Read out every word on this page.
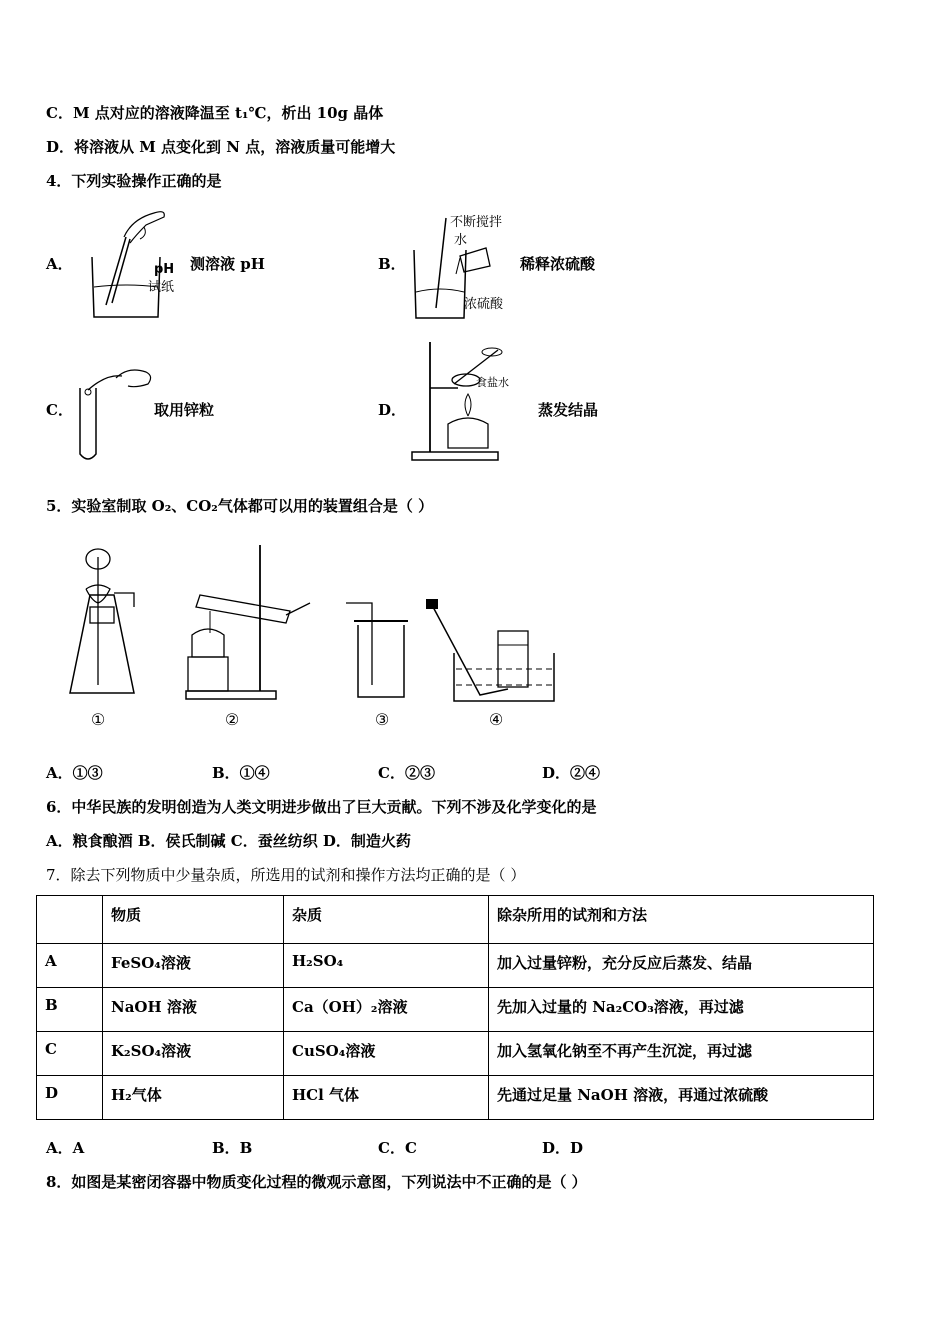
C．M 点对应的溶液降温至 t₁℃，析出 10g 晶体
D．将溶液从 M 点变化到 N 点，溶液质量可能增大
4．下列实验操作正确的是
A．	pH
试纸
测溶液 pH	B．
不断搅拌
水
浓硫酸
稀释浓硫酸
C．	取用锌粒	D．
食盐水
蒸发结晶
5．实验室制取 O₂、CO₂气体都可以用的装置组合是（ ）
①	②	③	④
A．①③	B．①④	C．②③	D．②④
6．中华民族的发明创造为人类文明进步做出了巨大贡献。下列不涉及化学变化的是
A．粮食酿酒 B．侯氏制碱 C．蚕丝纺织 D．制造火药
7．除去下列物质中少量杂质，所选用的试剂和操作方法均正确的是（ ）
	物质	杂质	除杂所用的试剂和方法
A	FeSO₄溶液	H₂SO₄	加入过量锌粉，充分反应后蒸发、结晶
B	NaOH 溶液	Ca（OH）₂溶液	先加入过量的 Na₂CO₃溶液，再过滤
C	K₂SO₄溶液	CuSO₄溶液	加入氢氧化钠至不再产生沉淀，再过滤
D	H₂气体	HCl 气体	先通过足量 NaOH 溶液，再通过浓硫酸
A．A	B．B	C．C	D．D
8．如图是某密闭容器中物质变化过程的微观示意图，下列说法中不正确的是（ ）
